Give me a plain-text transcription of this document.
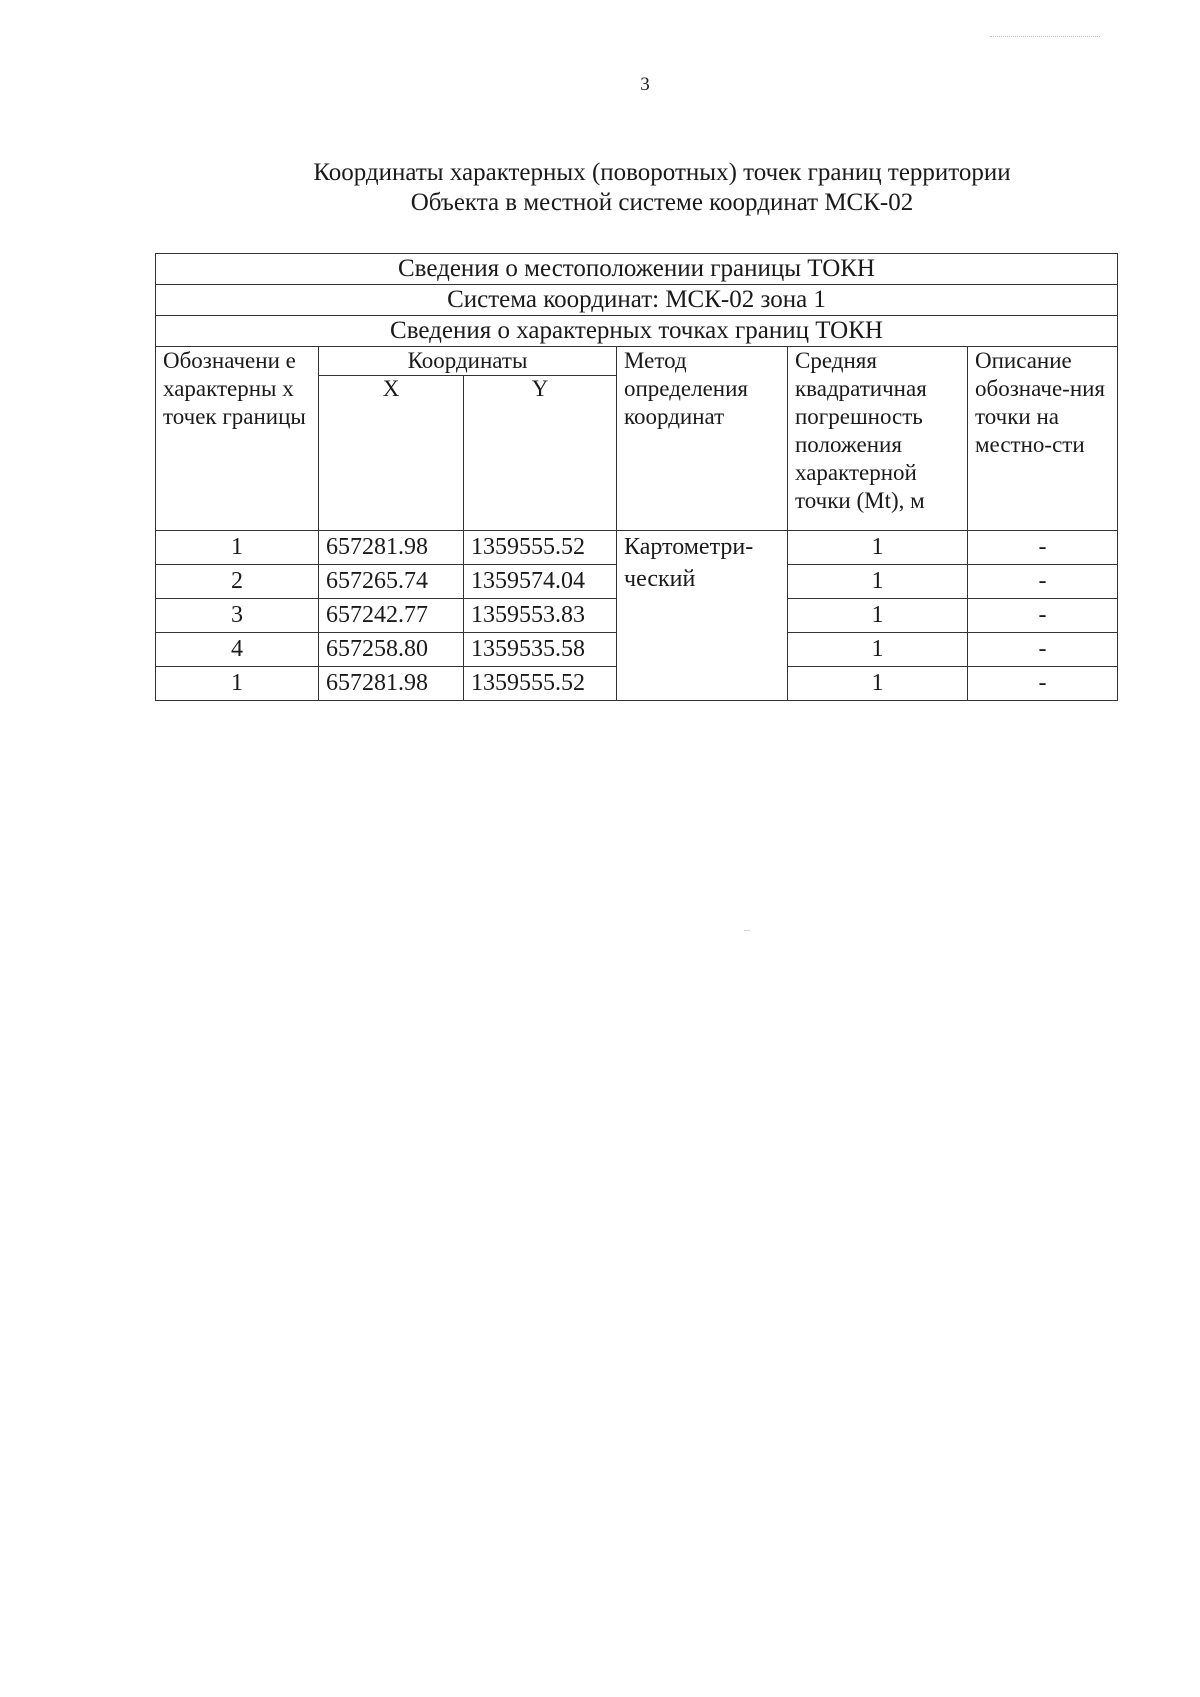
3
Координаты характерных (поворотных) точек границ территории
Объекта в местной системе координат МСК-02
Сведения о местоположении границы ТОКН					
Система координат: МСК-02 зона 1					
Сведения о характерных точках границ ТОКН					
Обозначени е характерны х точек границы	Координаты		Метод определения координат	Средняя квадратичная погрешность положения характерной точки (Mt), м	Описание обозначе-ния точки на местно-сти
	X	Y			
1	657281.98	1359555.52	Картометри- ческий	1	-
2	657265.74	1359574.04		1	-
3	657242.77	1359553.83		1	-
4	657258.80	1359535.58		1	-
1	657281.98	1359555.52		1	-
